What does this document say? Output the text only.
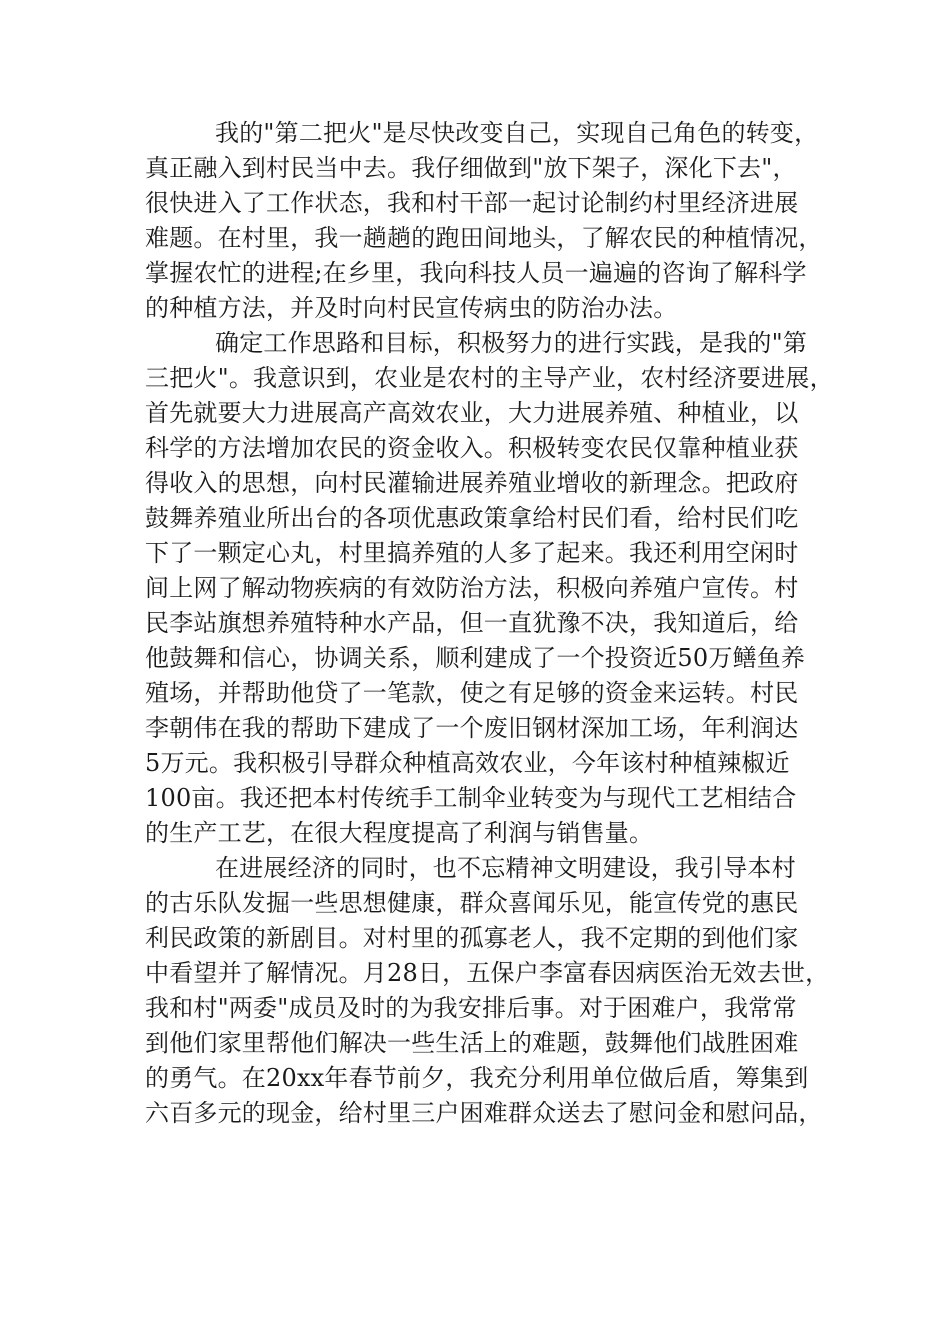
我的"第二把火"是尽快改变自己，实现自己角色的转变，
真正融入到村民当中去。我仔细做到"放下架子，深化下去"，
很快进入了工作状态，我和村干部一起讨论制约村里经济进展
难题。在村里，我一趟趟的跑田间地头，了解农民的种植情况，
掌握农忙的进程;在乡里，我向科技人员一遍遍的咨询了解科学
的种植方法，并及时向村民宣传病虫的防治办法。
确定工作思路和目标，积极努力的进行实践，是我的"第
三把火"。我意识到，农业是农村的主导产业，农村经济要进展，
首先就要大力进展高产高效农业，大力进展养殖、种植业，以
科学的方法增加农民的资金收入。积极转变农民仅靠种植业获
得收入的思想，向村民灌输进展养殖业增收的新理念。把政府
鼓舞养殖业所出台的各项优惠政策拿给村民们看，给村民们吃
下了一颗定心丸，村里搞养殖的人多了起来。我还利用空闲时
间上网了解动物疾病的有效防治方法，积极向养殖户宣传。村
民李站旗想养殖特种水产品，但一直犹豫不决，我知道后，给
他鼓舞和信心，协调关系，顺利建成了一个投资近50万鳝鱼养
殖场，并帮助他贷了一笔款，使之有足够的资金来运转。村民
李朝伟在我的帮助下建成了一个废旧钢材深加工场，年利润达
5万元。我积极引导群众种植高效农业，今年该村种植辣椒近
100亩。我还把本村传统手工制伞业转变为与现代工艺相结合
的生产工艺，在很大程度提高了利润与销售量。
在进展经济的同时，也不忘精神文明建设，我引导本村
的古乐队发掘一些思想健康，群众喜闻乐见，能宣传党的惠民
利民政策的新剧目。对村里的孤寡老人，我不定期的到他们家
中看望并了解情况。月28日，五保户李富春因病医治无效去世，
我和村"两委"成员及时的为我安排后事。对于困难户，我常常
到他们家里帮他们解决一些生活上的难题，鼓舞他们战胜困难
的勇气。在20xx年春节前夕，我充分利用单位做后盾，筹集到
六百多元的现金，给村里三户困难群众送去了慰问金和慰问品，
